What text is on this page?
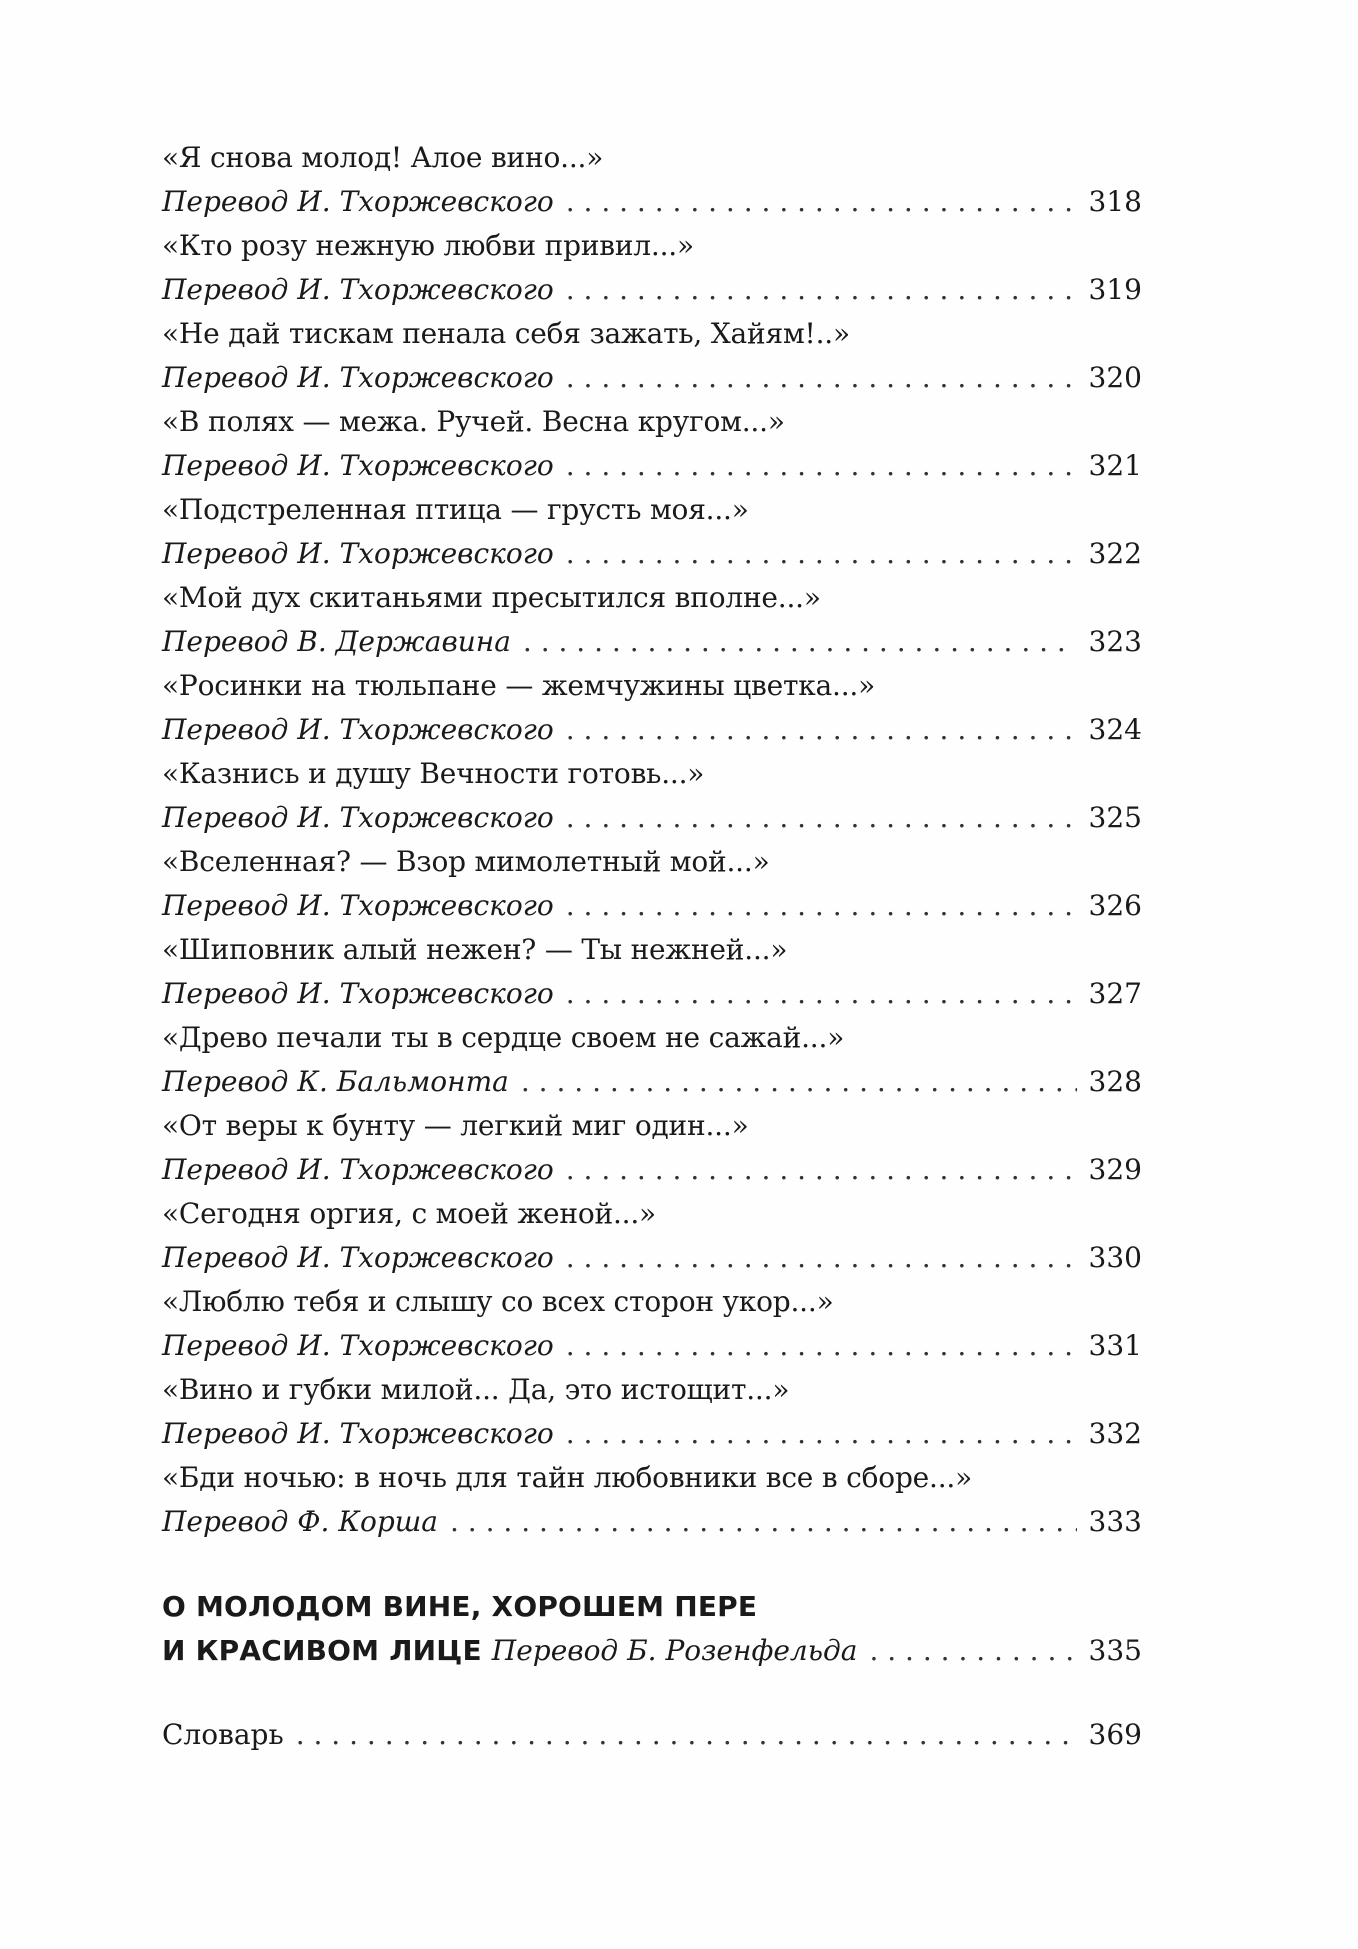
«Я снова молод! Алое вино...»
Перевод И. Тхоржевского . . .	318
«Кто розу нежную любви привил...»
Перевод И. Тхоржевского . . .	319
«Не дай тискам пенала себя зажать, Хайям!..»
Перевод И. Тхоржевского . . .	320
«В полях — межа. Ручей. Весна кругом...»
Перевод И. Тхоржевского . . .	321
«Подстреленная птица — грусть моя...»
Перевод И. Тхоржевского . . .	322
«Мой дух скитаньями пресытился вполне...»
Перевод В. Державина . . .	323
«Росинки на тюльпане — жемчужины цветка...»
Перевод И. Тхоржевского . . .	324
«Казнись и душу Вечности готовь...»
Перевод И. Тхоржевского . . .	325
«Вселенная? — Взор мимолетный мой...»
Перевод И. Тхоржевского . . .	326
«Шиповник алый нежен? — Ты нежней...»
Перевод И. Тхоржевского . . .	327
«Древо печали ты в сердце своем не сажай...»
Перевод К. Бальмонта . . .	328
«От веры к бунту — легкий миг один...»
Перевод И. Тхоржевского . . .	329
«Сегодня оргия, с моей женой...»
Перевод И. Тхоржевского . . .	330
«Люблю тебя и слышу со всех сторон укор...»
Перевод И. Тхоржевского . . .	331
«Вино и губки милой... Да, это истощит...»
Перевод И. Тхоржевского . . .	332
«Бди ночью: в ночь для тайн любовники все в сборе...»
Перевод Ф. Корша . . .	333
О МОЛОДОМ ВИНЕ, ХОРОШЕМ ПЕРЕ
И КРАСИВОМ ЛИЦЕ Перевод Б. Розенфельда . . .	335
Словарь . . .	369
